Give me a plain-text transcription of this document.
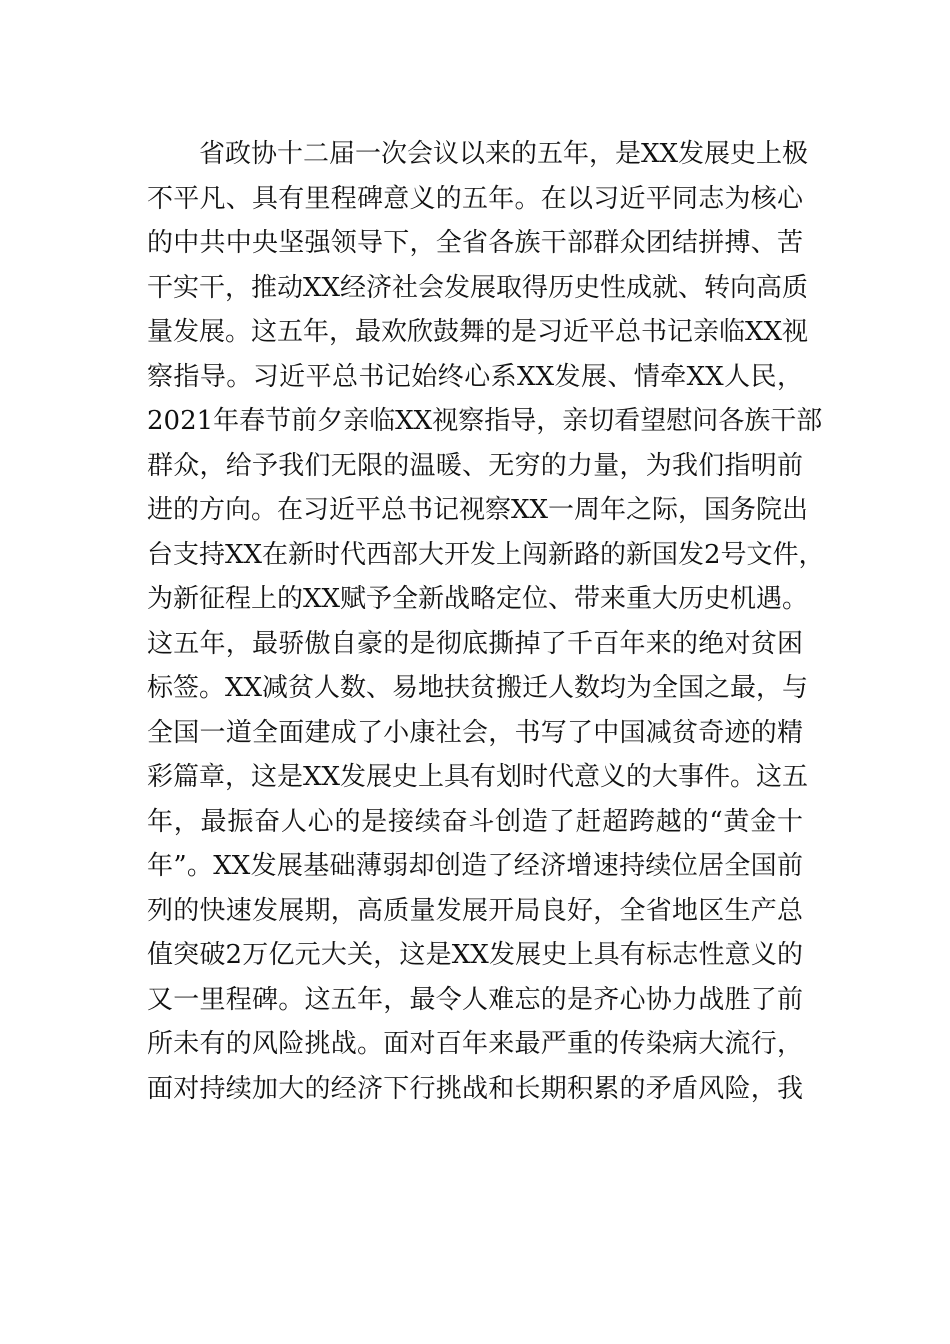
省政协十二届一次会议以来的五年，是XX发展史上极
不平凡、具有里程碑意义的五年。在以习近平同志为核心
的中共中央坚强领导下，全省各族干部群众团结拼搏、苦
干实干，推动XX经济社会发展取得历史性成就、转向高质
量发展。这五年，最欢欣鼓舞的是习近平总书记亲临XX视
察指导。习近平总书记始终心系XX发展、情牵XX人民，
2021年春节前夕亲临XX视察指导，亲切看望慰问各族干部
群众，给予我们无限的温暖、无穷的力量，为我们指明前
进的方向。在习近平总书记视察XX一周年之际，国务院出
台支持XX在新时代西部大开发上闯新路的新国发2号文件，
为新征程上的XX赋予全新战略定位、带来重大历史机遇。
这五年，最骄傲自豪的是彻底撕掉了千百年来的绝对贫困
标签。XX减贫人数、易地扶贫搬迁人数均为全国之最，与
全国一道全面建成了小康社会，书写了中国减贫奇迹的精
彩篇章，这是XX发展史上具有划时代意义的大事件。这五
年，最振奋人心的是接续奋斗创造了赶超跨越的“黄金十
年”。XX发展基础薄弱却创造了经济增速持续位居全国前
列的快速发展期，高质量发展开局良好，全省地区生产总
值突破2万亿元大关，这是XX发展史上具有标志性意义的
又一里程碑。这五年，最令人难忘的是齐心协力战胜了前
所未有的风险挑战。面对百年来最严重的传染病大流行，
面对持续加大的经济下行挑战和长期积累的矛盾风险，我
